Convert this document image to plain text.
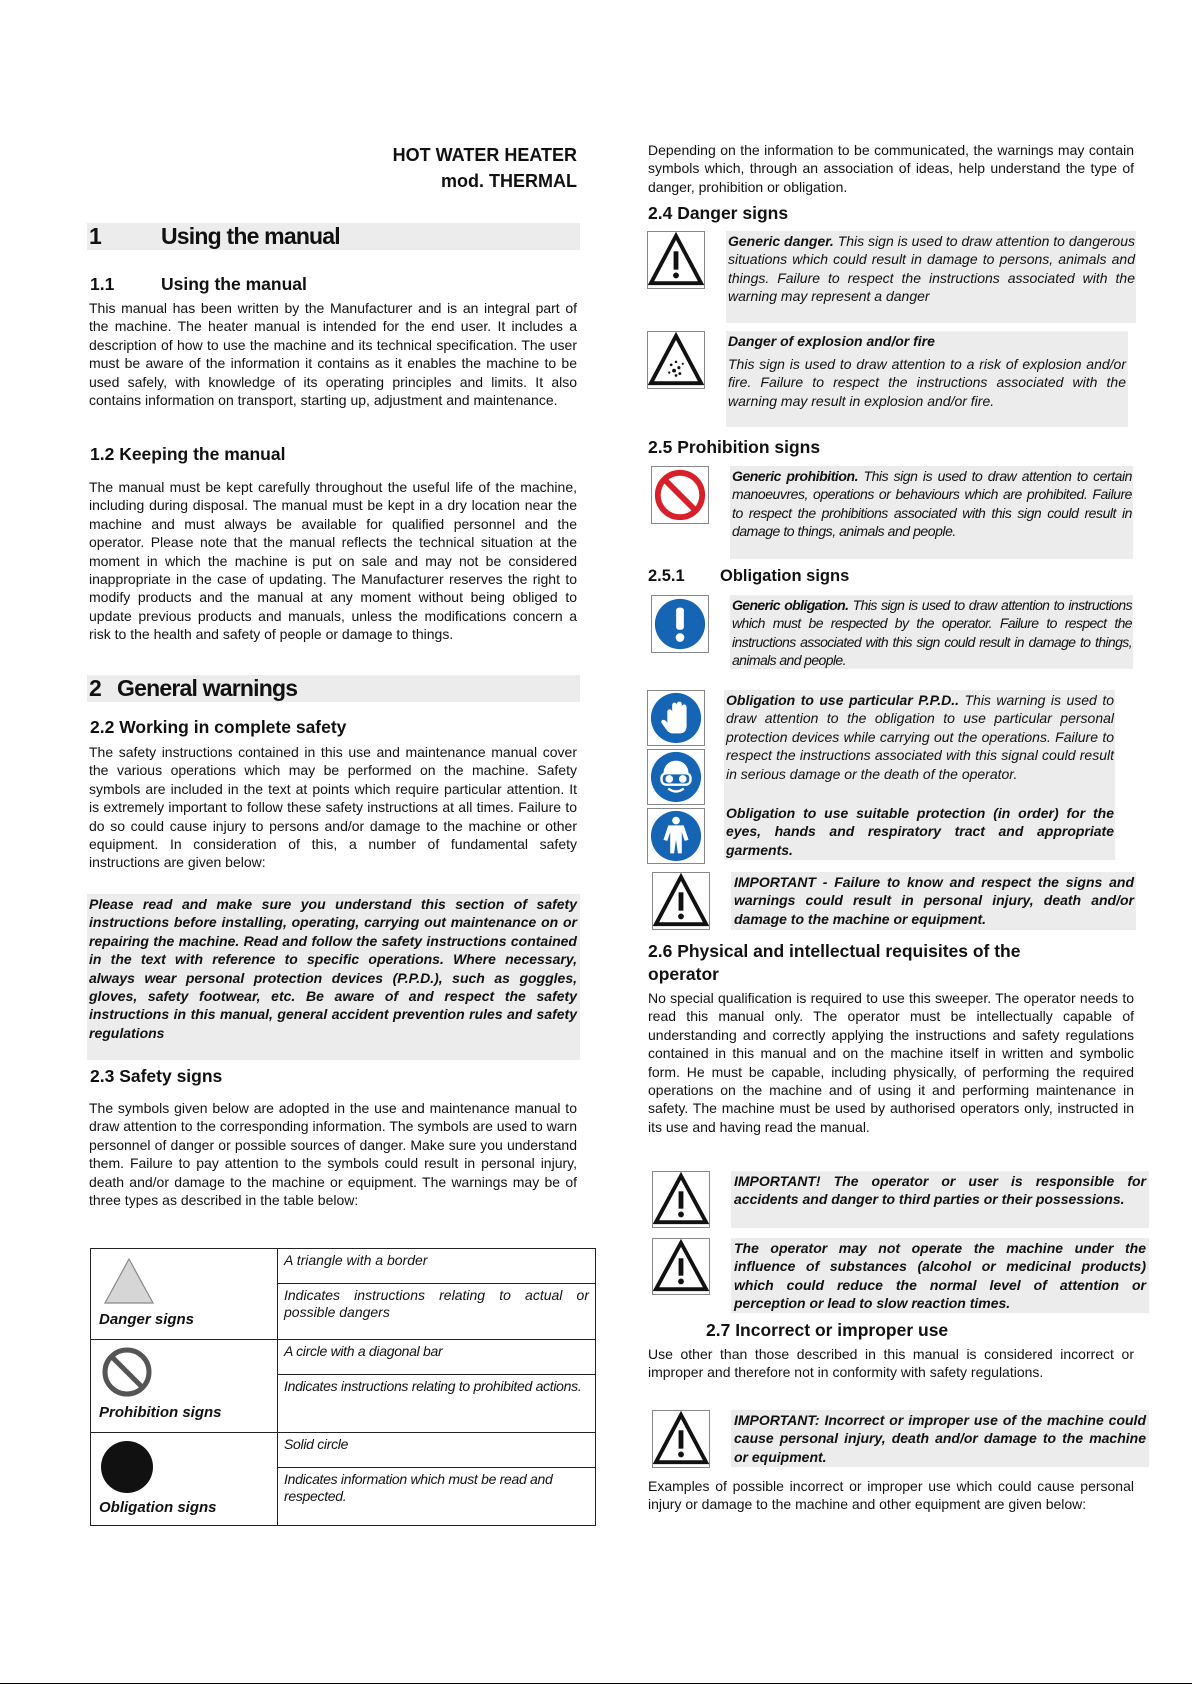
HOT WATER HEATER
mod. THERMAL
1	Using the manual
1.1	Using the manual

This manual has been written by the Manufacturer and is an integral part of the machine. The heater manual is intended for the end user. It includes a description of how to use the machine and its technical specification. The user must be aware of the information it contains as it enables the machine to be used safely, with knowledge of its operating principles and limits. It also contains information on transport, starting up, adjustment and maintenance.

1.2 Keeping the manual

The manual must be kept carefully throughout the useful life of the machine, including during disposal. The manual must be kept in a dry location near the machine and must always be available for qualified personnel and the operator. Please note that the manual reflects the technical situation at the moment in which the machine is put on sale and may not be considered inappropriate in the case of updating. The Manufacturer reserves the right to modify products and the manual at any moment without being obliged to update previous products and manuals, unless the modifications concern a risk to the health and safety of people or damage to things.

2 General warnings
2.2 Working in complete safety

The safety instructions contained in this use and maintenance manual cover the various operations which may be performed on the machine. Safety symbols are included in the text at points which require particular attention. It is extremely important to follow these safety instructions at all times. Failure to do so could cause injury to persons and/or damage to the machine or other equipment. In consideration of this, a number of fundamental safety instructions are given below:

Please read and make sure you understand this section of safety instructions before installing, operating, carrying out maintenance on or repairing the machine. Read and follow the safety instructions contained in the text with reference to specific operations. Where necessary, always wear personal protection devices (P.P.D.), such as goggles, gloves, safety footwear, etc. Be aware of and respect the safety instructions in this manual, general accident prevention rules and safety regulations

2.3 Safety signs

The symbols given below are adopted in the use and maintenance manual to draw attention to the corresponding information. The symbols are used to warn personnel of danger or possible sources of danger. Make sure you understand them. Failure to pay attention to the symbols could result in personal injury, death and/or damage to the machine or equipment. The warnings may be of three types as described in the table below:

Danger signs	A triangle with a border

	Indicates instructions relating to actual or possible dangers

Prohibition signs	A circle with a diagonal bar

	Indicates instructions relating to prohibited actions.

Obligation signs	Solid circle

	Indicates information which must be read and respected.

Depending on the information to be communicated, the warnings may contain symbols which, through an association of ideas, help understand the type of danger, prohibition or obligation.

2.4 Danger signs

Generic danger. This sign is used to draw attention to dangerous situations which could result in damage to persons, animals and things. Failure to respect the instructions associated with the warning may represent a danger

Danger of explosion and/or fire

This sign is used to draw attention to a risk of explosion and/or fire. Failure to respect the instructions associated with the warning may result in explosion and/or fire.

2.5 Prohibition signs

Generic prohibition. This sign is used to draw attention to certain manoeuvres, operations or behaviours which are prohibited. Failure to respect the prohibitions associated with this sign could result in damage to things, animals and people.

2.5.1 Obligation signs

Generic obligation. This sign is used to draw attention to instructions which must be respected by the operator. Failure to respect the instructions associated with this sign could result in damage to things, animals and people.

Obligation to use particular P.P.D.. This warning is used to draw attention to the obligation to use particular personal protection devices while carrying out the operations. Failure to respect the instructions associated with this signal could result in serious damage or the death of the operator.

Obligation to use suitable protection (in order) for the eyes, hands and respiratory tract and appropriate garments.

IMPORTANT - Failure to know and respect the signs and warnings could result in personal injury, death and/or damage to the machine or equipment.

2.6 Physical and intellectual requisites of the operator

No special qualification is required to use this sweeper. The operator needs to read this manual only. The operator must be intellectually capable of understanding and correctly applying the instructions and safety regulations contained in this manual and on the machine itself in written and symbolic form. He must be capable, including physically, of performing the required operations on the machine and of using it and performing maintenance in safety. The machine must be used by authorised operators only, instructed in its use and having read the manual.

IMPORTANT! The operator or user is responsible for accidents and danger to third parties or their possessions.

The operator may not operate the machine under the influence of substances (alcohol or medicinal products) which could reduce the normal level of attention or perception or lead to slow reaction times.

2.7 Incorrect or improper use

Use other than those described in this manual is considered incorrect or improper and therefore not in conformity with safety regulations.

IMPORTANT: Incorrect or improper use of the machine could cause personal injury, death and/or damage to the machine or equipment.

Examples of possible incorrect or improper use which could cause personal injury or damage to the machine and other equipment are given below:
